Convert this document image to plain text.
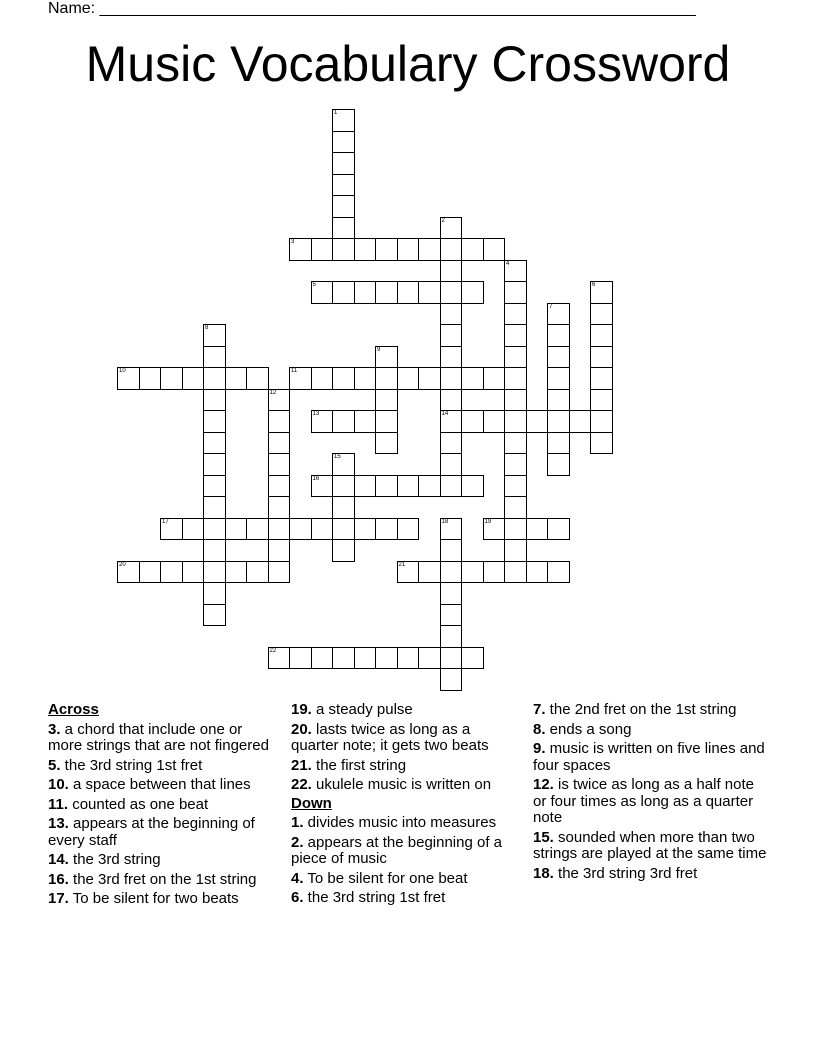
Name: ___________________________________________________________________
Music Vocabulary Crossword
1
2
14
3
4
5	6
7
8
9
10	11
12
13
15
16
17	18	19
20	21
22
Across
3. a chord that include one or more strings that are not fingered
5. the 3rd string 1st fret
10. a space between that lines
11. counted as one beat
13. appears at the beginning of every staff
14. the 3rd string
16. the 3rd fret on the 1st string
17. To be silent for two beats
19. a steady pulse
20. lasts twice as long as a quarter note; it gets two beats
21. the first string
22. ukulele music is written on
Down
1. divides music into measures
2. appears at the beginning of a piece of music
4. To be silent for one beat
6. the 3rd string 1st fret
7. the 2nd fret on the 1st string
8. ends a song
9. music is written on five lines and four spaces
12. is twice as long as a half note or four times as long as a quarter note
15. sounded when more than two strings are played at the same time
18. the 3rd string 3rd fret
